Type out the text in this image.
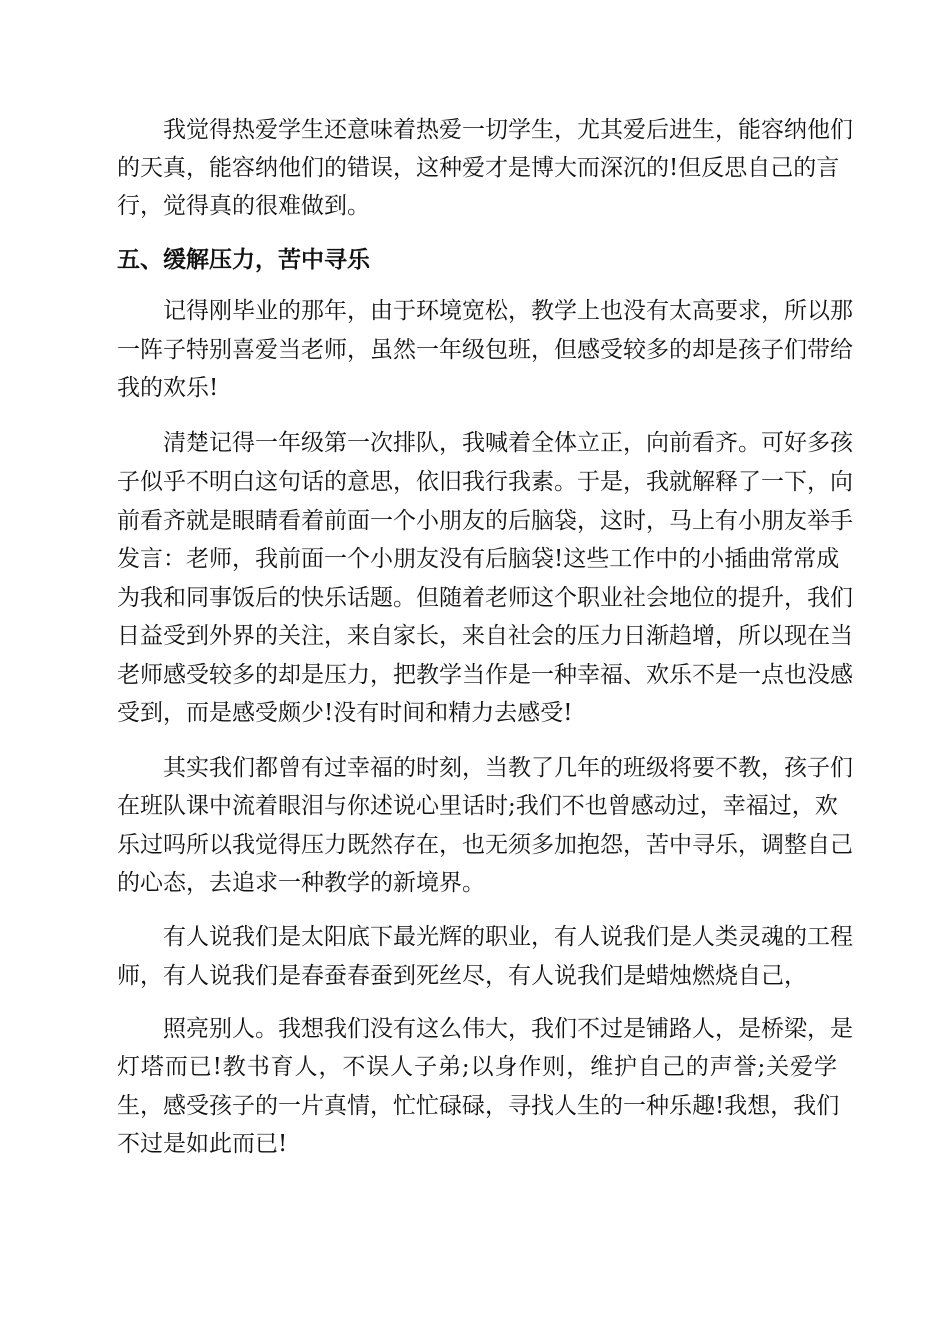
我觉得热爱学生还意味着热爱一切学生，尤其爱后进生，能容纳他们

的天真，能容纳他们的错误，这种爱才是博大而深沉的!但反思自己的言

行，觉得真的很难做到。

五、缓解压力，苦中寻乐

记得刚毕业的那年，由于环境宽松，教学上也没有太高要求，所以那

一阵子特别喜爱当老师，虽然一年级包班，但感受较多的却是孩子们带给

我的欢乐!

清楚记得一年级第一次排队，我喊着全体立正，向前看齐。可好多孩

子似乎不明白这句话的意思，依旧我行我素。于是，我就解释了一下，向

前看齐就是眼睛看着前面一个小朋友的后脑袋，这时，马上有小朋友举手

发言：老师，我前面一个小朋友没有后脑袋!这些工作中的小插曲常常成

为我和同事饭后的快乐话题。但随着老师这个职业社会地位的提升，我们

日益受到外界的关注，来自家长，来自社会的压力日渐趋增，所以现在当

老师感受较多的却是压力，把教学当作是一种幸福、欢乐不是一点也没感

受到，而是感受颇少!没有时间和精力去感受!

其实我们都曾有过幸福的时刻，当教了几年的班级将要不教，孩子们

在班队课中流着眼泪与你述说心里话时;我们不也曾感动过，幸福过，欢

乐过吗所以我觉得压力既然存在，也无须多加抱怨，苦中寻乐，调整自己

的心态，去追求一种教学的新境界。

有人说我们是太阳底下最光辉的职业，有人说我们是人类灵魂的工程

师，有人说我们是春蚕春蚕到死丝尽，有人说我们是蜡烛燃烧自己，

照亮别人。我想我们没有这么伟大，我们不过是铺路人，是桥梁，是

灯塔而已!教书育人，不误人子弟;以身作则，维护自己的声誉;关爱学

生，感受孩子的一片真情，忙忙碌碌，寻找人生的一种乐趣!我想，我们

不过是如此而已!
